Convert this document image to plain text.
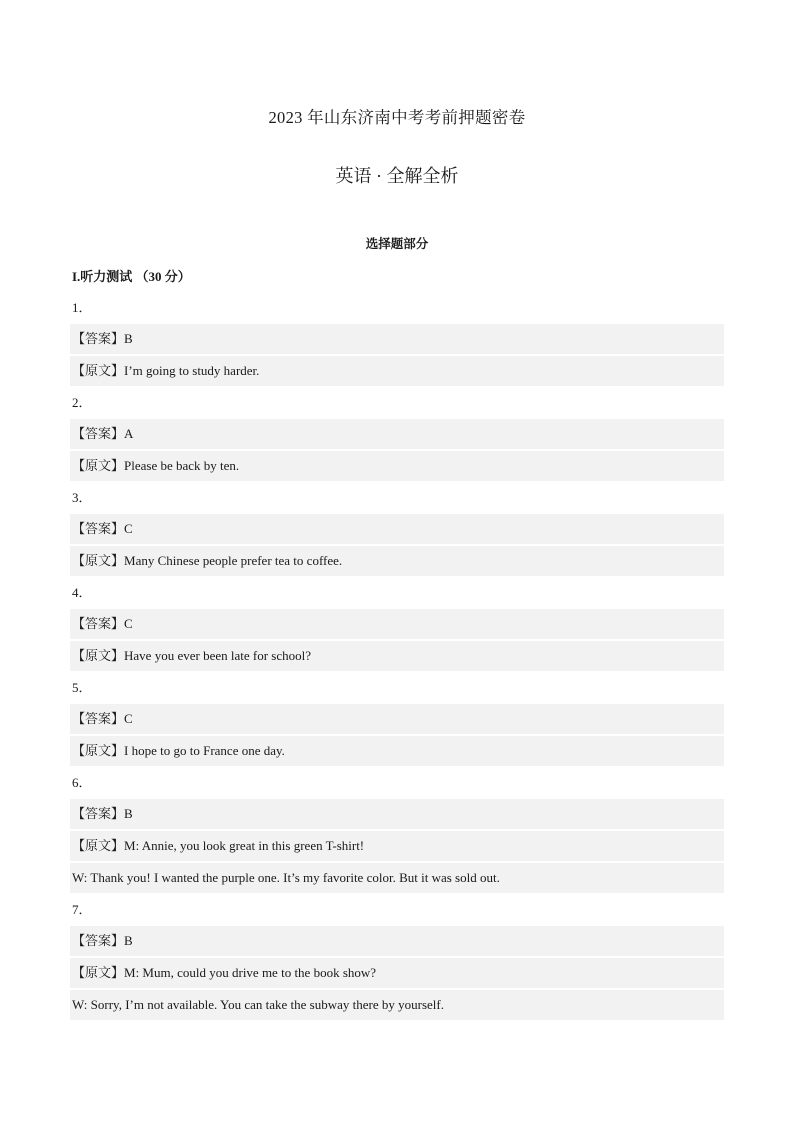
2023 年山东济南中考考前押题密卷
英语 · 全解全析
选择题部分
I.听力测试 （30 分）
1．
【答案】B
【原文】I’m going to study harder.
2．
【答案】A
【原文】Please be back by ten.
3．
【答案】C
【原文】Many Chinese people prefer tea to coffee.
4．
【答案】C
【原文】Have you ever been late for school?
5．
【答案】C
【原文】I hope to go to France one day.
6．
【答案】B
【原文】M: Annie, you look great in this green T-shirt!
W: Thank you! I wanted the purple one. It’s my favorite color. But it was sold out.
7．
【答案】B
【原文】M: Mum, could you drive me to the book show?
W: Sorry, I’m not available. You can take the subway there by yourself.
